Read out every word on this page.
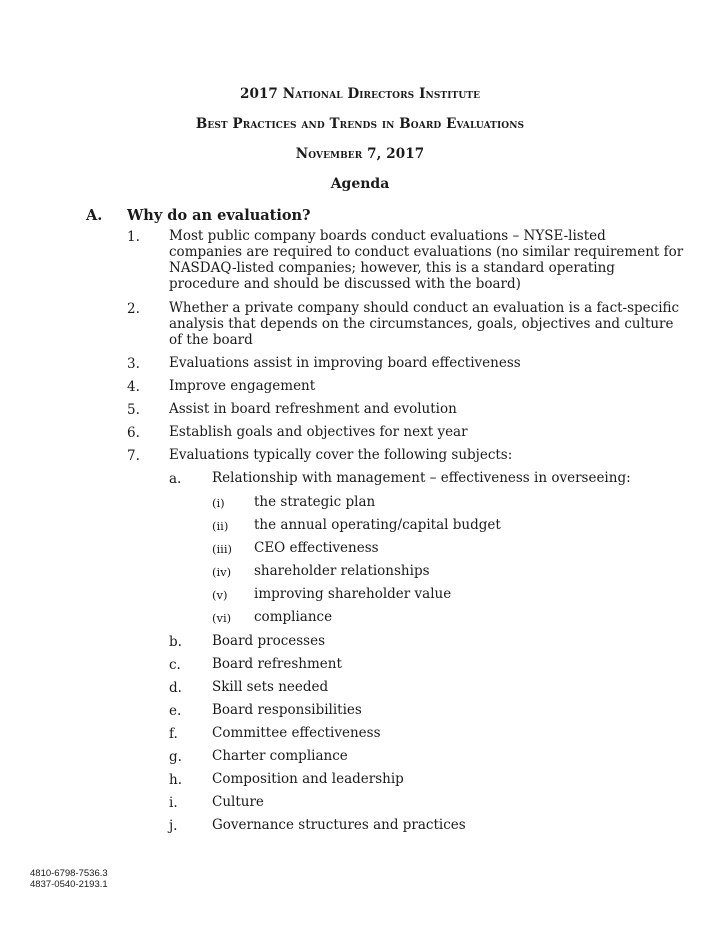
2017 National Directors Institute
Best Practices and Trends in Board Evaluations
November 7, 2017
Agenda
A. Why do an evaluation?
1. Most public company boards conduct evaluations – NYSE-listed
companies are required to conduct evaluations (no similar requirement for
NASDAQ-listed companies; however, this is a standard operating
procedure and should be discussed with the board)
2. Whether a private company should conduct an evaluation is a fact-specific
analysis that depends on the circumstances, goals, objectives and culture
of the board
3. Evaluations assist in improving board effectiveness
4. Improve engagement
5. Assist in board refreshment and evolution
6. Establish goals and objectives for next year
7. Evaluations typically cover the following subjects:
a. Relationship with management – effectiveness in overseeing:
(i) the strategic plan
(ii) the annual operating/capital budget
(iii) CEO effectiveness
(iv) shareholder relationships
(v) improving shareholder value
(vi) compliance
b. Board processes
c. Board refreshment
d. Skill sets needed
e. Board responsibilities
f.	Committee effectiveness
g. Charter compliance
h. Composition and leadership
i.	Culture
j.	Governance structures and practices
4810-6798-7536.3
4837-0540-2193.1
